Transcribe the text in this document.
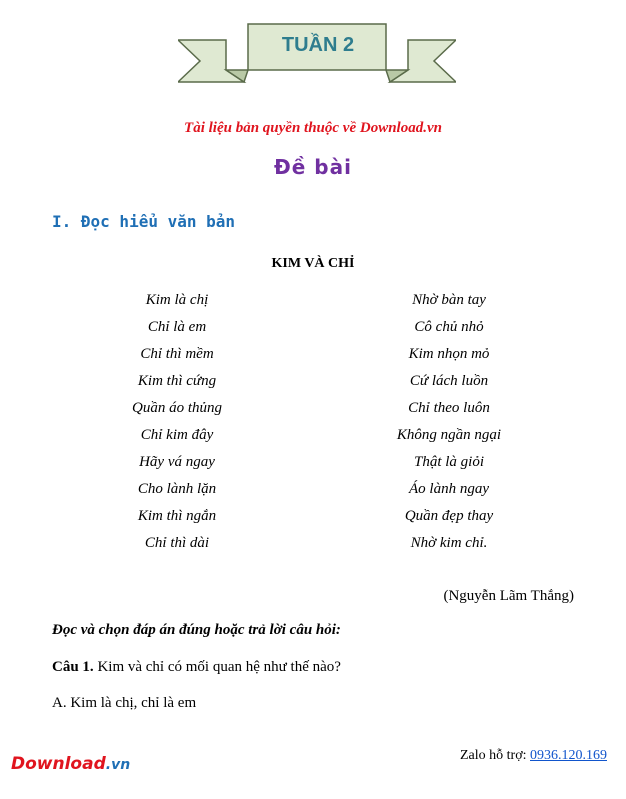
TUẦN 2
Tài liệu bản quyền thuộc về Download.vn
Đề bài
I. Đọc hiểu văn bản
KIM VÀ CHỈ
Kim là chị
Chỉ là em
Chỉ thì mềm
Kim thì cứng
Quần áo thủng
Chỉ kim đây
Hãy vá ngay
Cho lành lặn
Kim thì ngắn
Chỉ thì dài
Nhờ bàn tay
Cô chủ nhỏ
Kim nhọn mỏ
Cứ lách luồn
Chỉ theo luôn
Không ngần ngại
Thật là giỏi
Áo lành ngay
Quần đẹp thay
Nhờ kim chỉ.
(Nguyễn Lãm Thắng)
Đọc và chọn đáp án đúng hoặc trả lời câu hỏi:
Câu 1. Kim và chỉ có mối quan hệ như thế nào?
A. Kim là chị, chỉ là em
Download.vn
Zalo hỗ trợ: 0936.120.169
